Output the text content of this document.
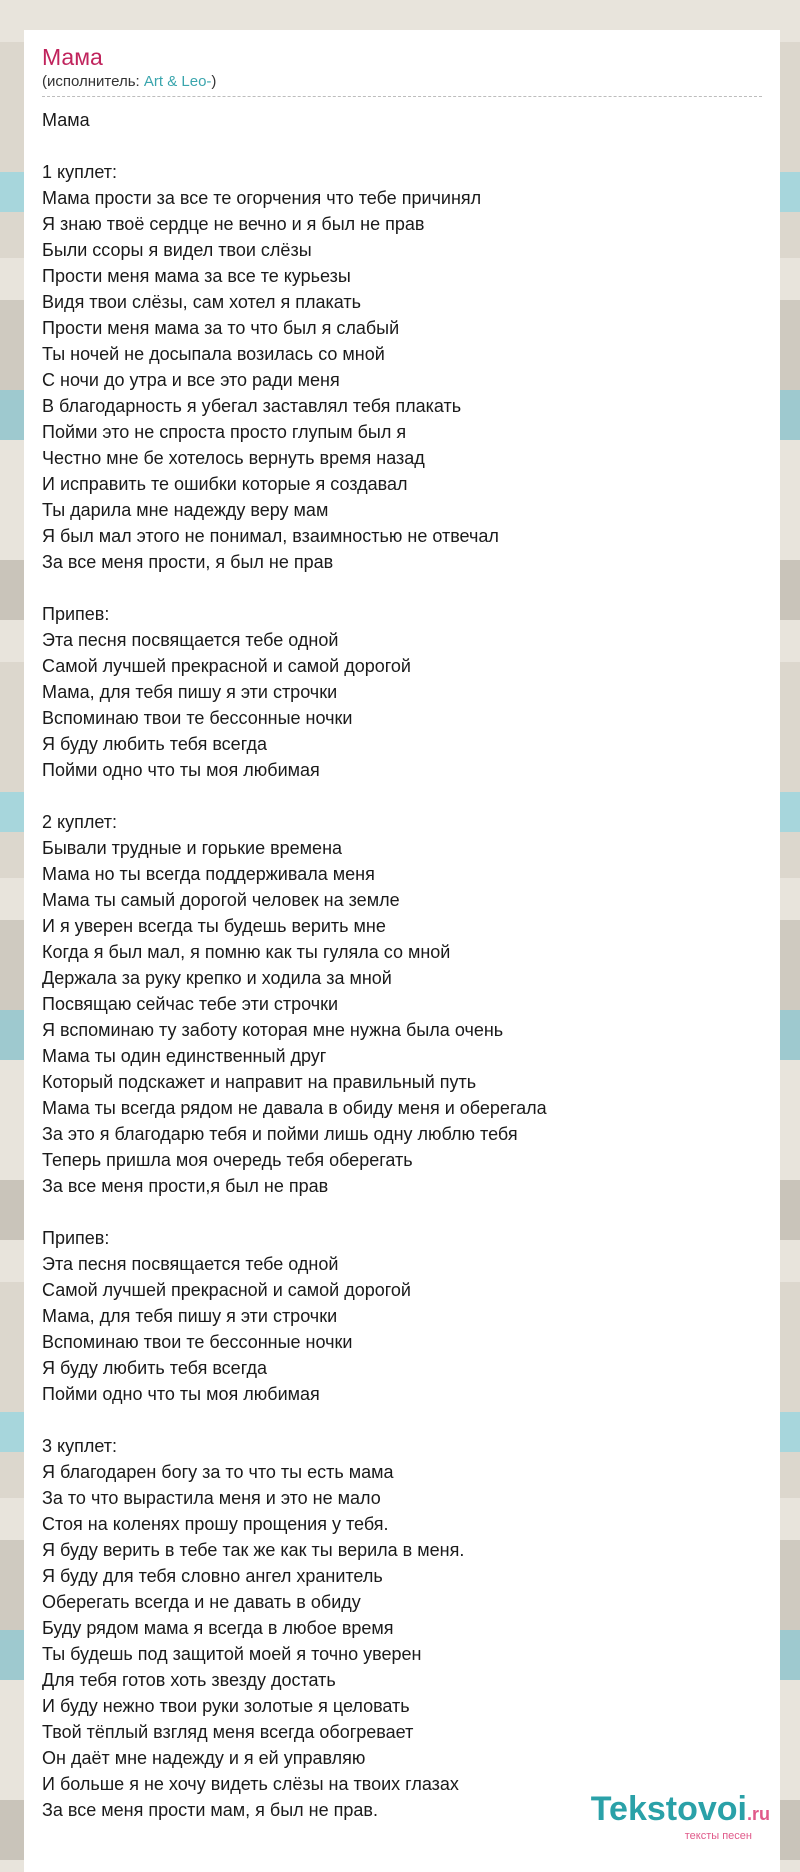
Мама
(исполнитель: Art & Leo-)
Мама
1 куплет:
Мама прости за все те огорчения что тебе причинял
Я знаю твоё сердце не вечно и я был не прав
Были ссоры я видел твои слёзы
Прости меня мама за все те курьезы
Видя твои слёзы, сам хотел я плакать
Прости меня мама за то что был я слабый
Ты ночей не досыпала возилась со мной
С ночи до утра и все это ради меня
В благодарность я убегал заставлял тебя плакать
Пойми это не спроста просто глупым был я
Честно мне бе хотелось вернуть время назад
И исправить те ошибки которые я создавал
Ты дарила мне надежду веру мам
Я был мал этого не понимал, взаимностью не отвечал
За все меня прости, я был не прав
Припев:
Эта песня посвящается тебе одной
Самой лучшей прекрасной и самой дорогой
Мама, для тебя пишу я эти строчки
Вспоминаю твои те бессонные ночки
Я буду любить тебя всегда
Пойми одно что ты моя любимая
2 куплет:
Бывали трудные и горькие времена
Мама но ты всегда поддерживала меня
Мама ты самый дорогой человек на земле
И я уверен всегда ты будешь верить мне
Когда я был мал, я помню как ты гуляла со мной
Держала за руку крепко и ходила за мной
Посвящаю сейчас тебе эти строчки
Я вспоминаю ту заботу которая мне нужна была очень
Мама ты один единственный друг
Который подскажет и направит на правильный путь
Мама ты всегда рядом не давала в обиду меня и оберегала
За это я благодарю тебя и пойми лишь одну люблю тебя
Теперь пришла моя очередь тебя оберегать
За все меня прости,я был не прав
Припев:
Эта песня посвящается тебе одной
Самой лучшей прекрасной и самой дорогой
Мама, для тебя пишу я эти строчки
Вспоминаю твои те бессонные ночки
Я буду любить тебя всегда
Пойми одно что ты моя любимая
3 куплет:
Я благодарен богу за то что ты есть мама
За то что вырастила меня и это не мало
Стоя на коленях прошу прощения у тебя.
Я буду верить в тебе так же как ты верила в меня.
Я буду для тебя словно ангел хранитель
Оберегать всегда и не давать в обиду
Буду рядом мама я всегда в любое время
Ты будешь под защитой моей я точно уверен
Для тебя готов хоть звезду достать
И буду нежно твои руки золотые я целовать
Твой тёплый взгляд меня всегда обогревает
Он даёт мне надежду и я ей управляю
И больше я не хочу видеть слёзы на твоих глазах
За все меня прости мам, я был не прав.	Tekstovoi.ru
тексты песен
